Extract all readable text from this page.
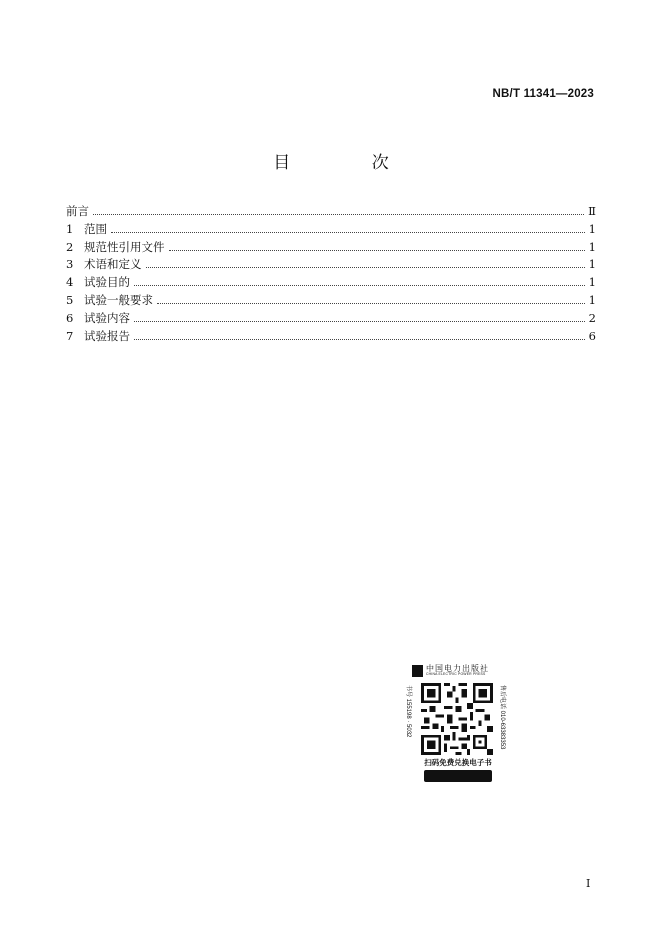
NB/T 11341—2023
目 次
前言	Ⅱ
1 范围	1
2 规范性引用文件	1
3 术语和定义	1
4 试验目的	1
5 试验一般要求	1
6 试验内容	2
7 试验报告	6
中国电力出版社
CHINA ELECTRIC POWER PRESS
书号 155198 · 5032	售后电话 010-63383353
扫码免费兑换电子书
I
